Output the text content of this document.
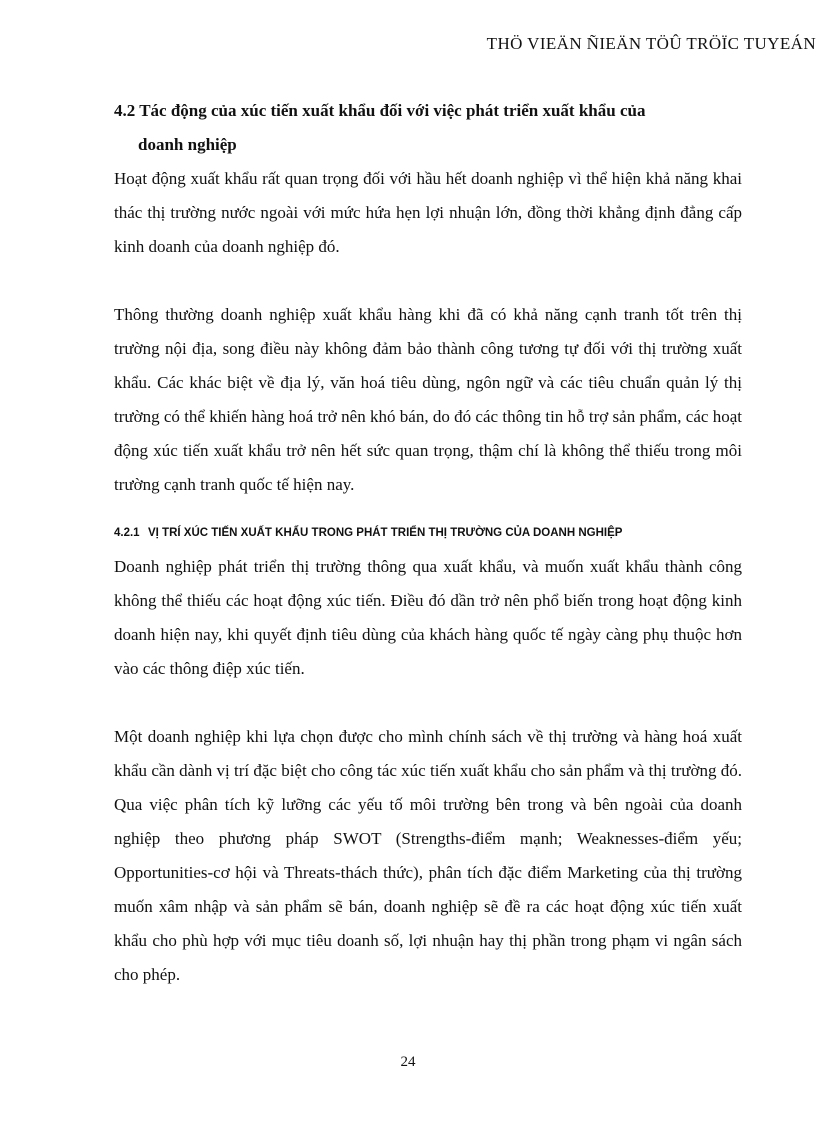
THÖ VIEÄN ÑIEÄN TÖÛ TRÖÏC TUYEÁN
4.2 Tác động của xúc tiến xuất khẩu đối với việc phát triển xuất khẩu của
doanh nghiệp

Hoạt động xuất khẩu rất quan trọng đối với hầu hết doanh nghiệp vì thể hiện khả năng khai thác thị trường nước ngoài với mức hứa hẹn lợi nhuận lớn, đồng thời khẳng định đẳng cấp kinh doanh của doanh nghiệp đó.

Thông thường doanh nghiệp xuất khẩu hàng khi đã có khả năng cạnh tranh tốt trên thị trường nội địa, song điều này không đảm bảo thành công tương tự đối với thị trường xuất khẩu. Các khác biệt về địa lý, văn hoá tiêu dùng, ngôn ngữ và các tiêu chuẩn quản lý thị trường có thể khiến hàng hoá trở nên khó bán, do đó các thông tin hỗ trợ sản phẩm, các hoạt động xúc tiến xuất khẩu trở nên hết sức quan trọng, thậm chí là không thể thiếu trong môi trường cạnh tranh quốc tế hiện nay.

4.2.1 VỊ TRÍ XÚC TIẾN XUẤT KHẨU TRONG PHÁT TRIỂN THỊ TRƯỜNG CỦA DOANH NGHIỆP

Doanh nghiệp phát triển thị trường thông qua xuất khẩu, và muốn xuất khẩu thành công không thể thiếu các hoạt động xúc tiến. Điều đó dần trở nên phổ biến trong hoạt động kinh doanh hiện nay, khi quyết định tiêu dùng của khách hàng quốc tế ngày càng phụ thuộc hơn vào các thông điệp xúc tiến.

Một doanh nghiệp khi lựa chọn được cho mình chính sách về thị trường và hàng hoá xuất khẩu cần dành vị trí đặc biệt cho công tác xúc tiến xuất khẩu cho sản phẩm và thị trường đó. Qua việc phân tích kỹ lưỡng các yếu tố môi trường bên trong và bên ngoài của doanh nghiệp theo phương pháp SWOT (Strengths-điểm mạnh; Weaknesses-điểm yếu; Opportunities-cơ hội và Threats-thách thức), phân tích đặc điểm Marketing của thị trường muốn xâm nhập và sản phẩm sẽ bán, doanh nghiệp sẽ đề ra các hoạt động xúc tiến xuất khẩu cho phù hợp với mục tiêu doanh số, lợi nhuận hay thị phần trong phạm vi ngân sách cho phép.

24
